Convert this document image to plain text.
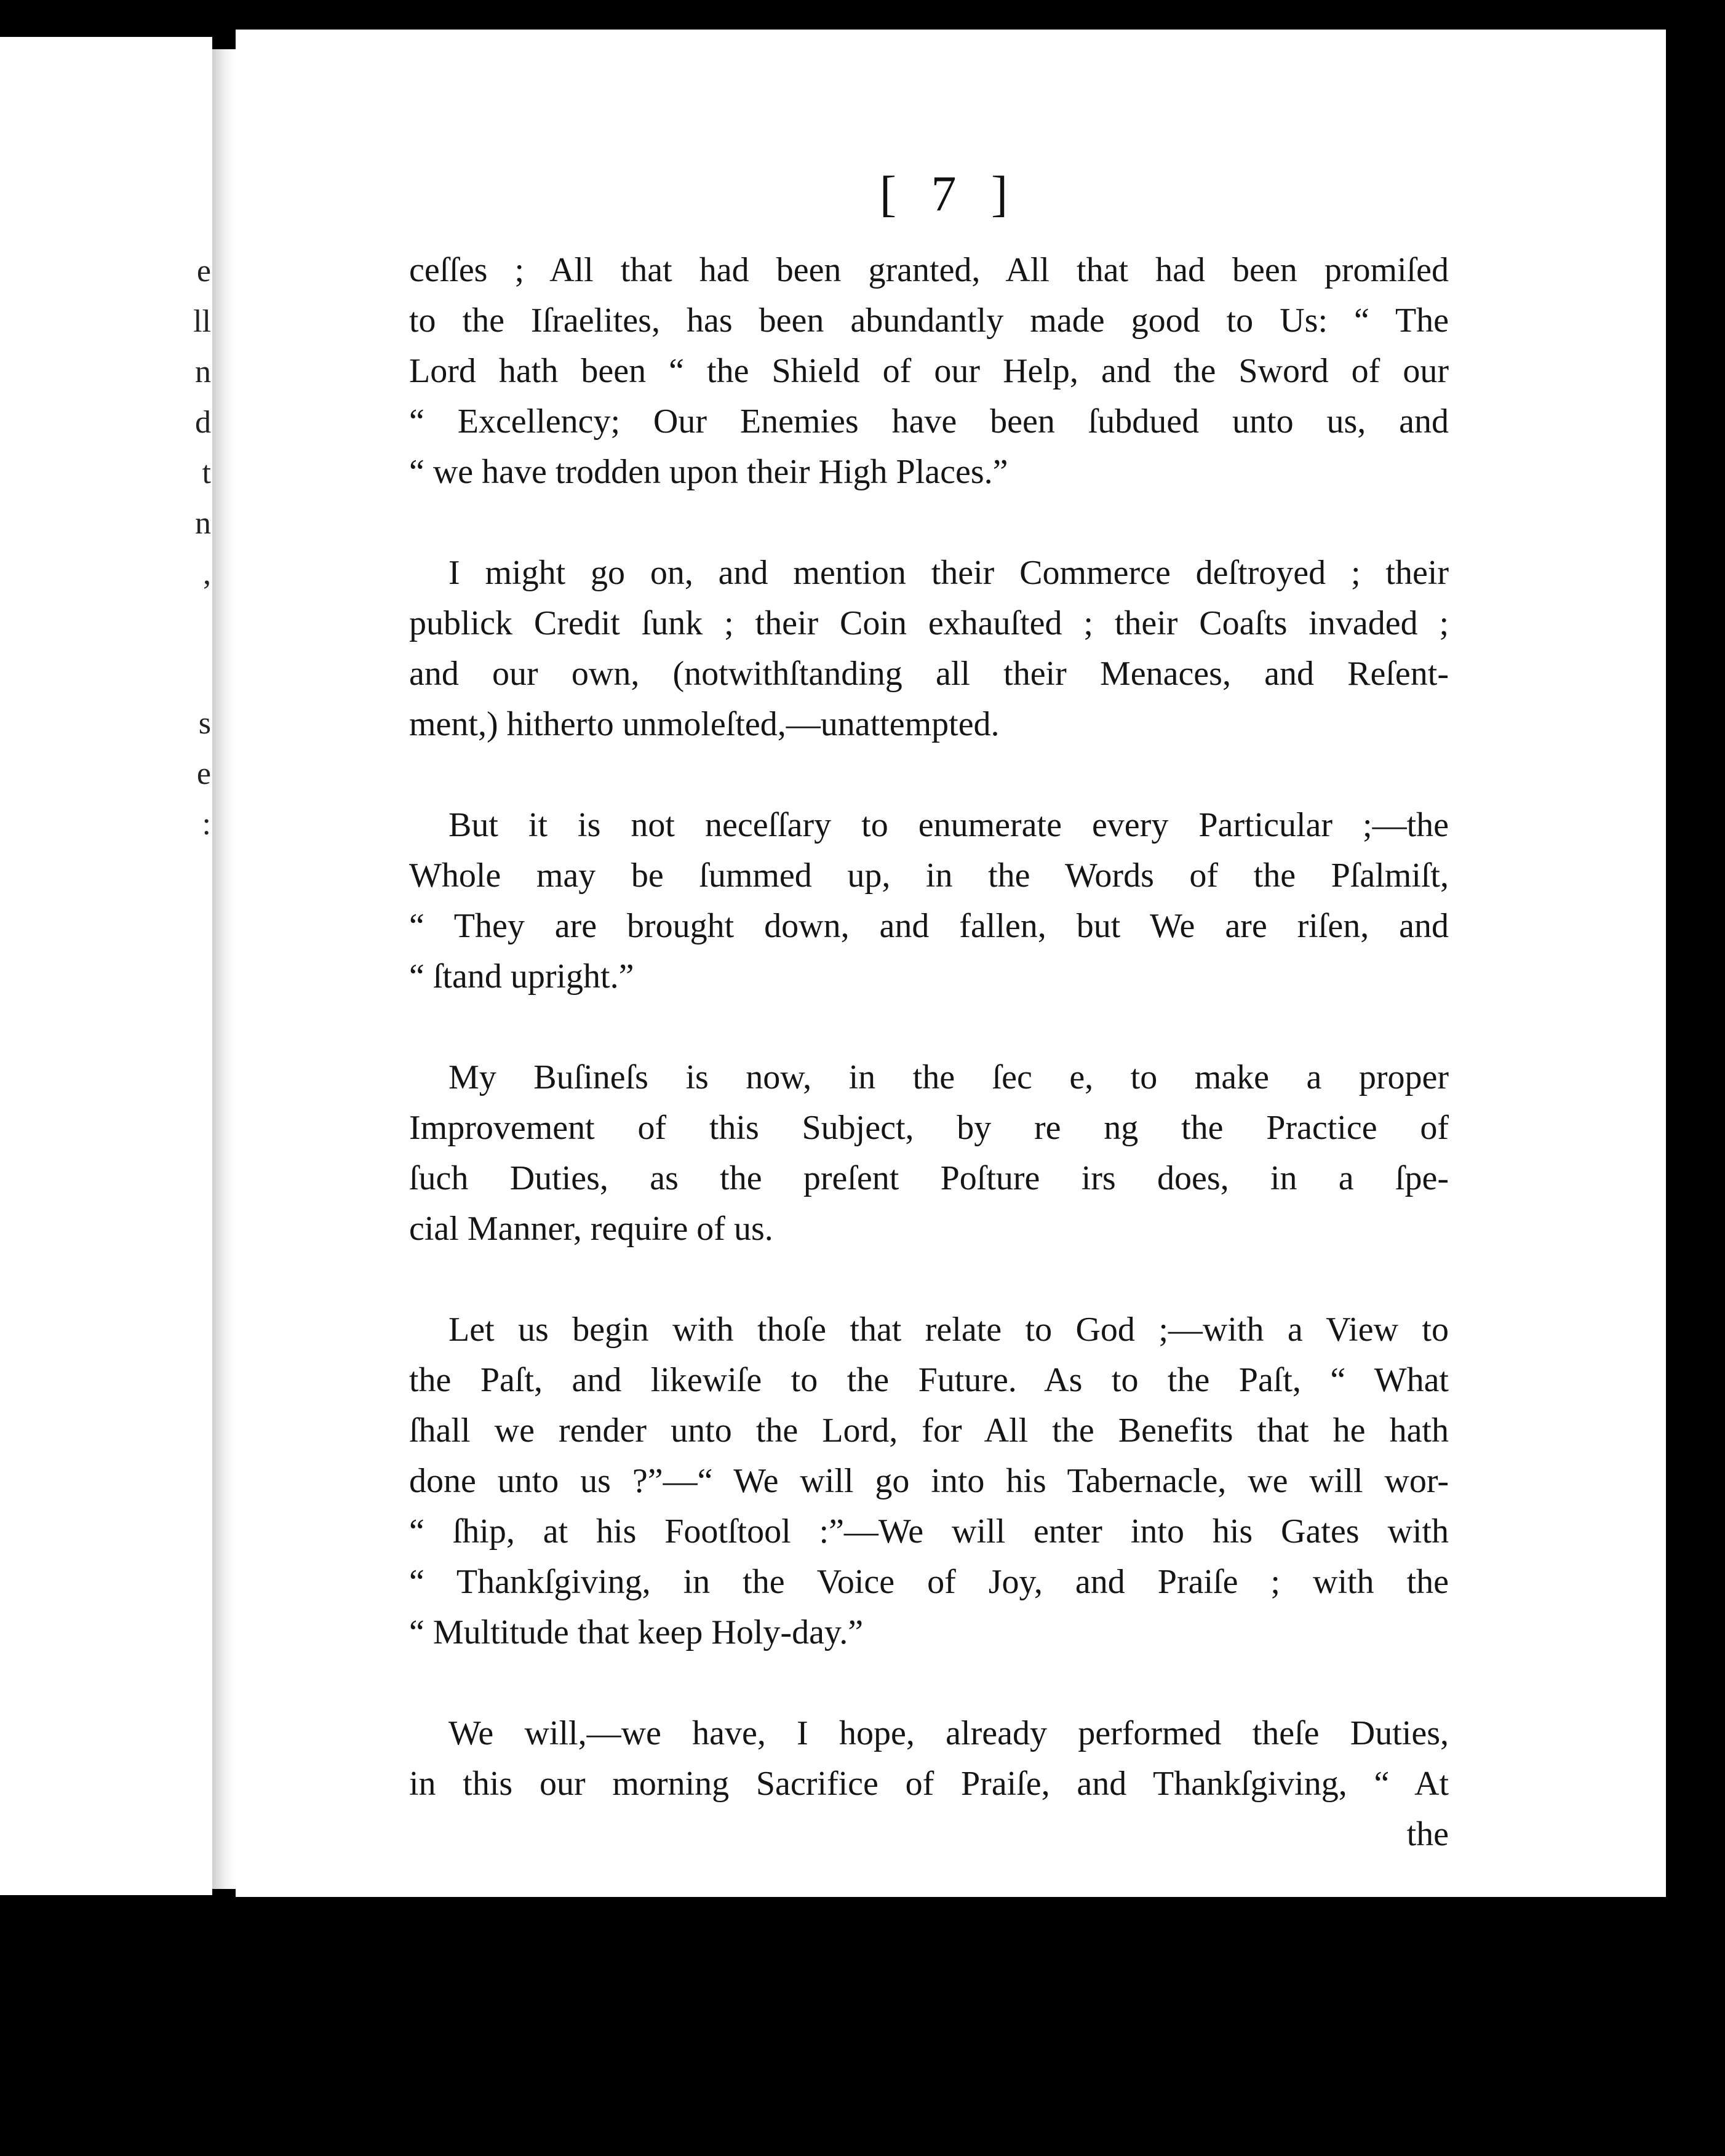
e
ll
n
d
t
n
,
s
e
:
[ 7 ]
ceſſes ; All that had been granted, All that had been promiſed
to the Iſraelites, has been abundantly made good to Us: “ The
Lord hath been “ the Shield of our Help, and the Sword of our
“ Excellency; Our Enemies have been ſubdued unto us, and
“ we have trodden upon their High Places.”
I might go on, and mention their Commerce deſtroyed ; their
publick Credit ſunk ; their Coin exhauſted ; their Coaſts invaded ;
and our own, (notwithſtanding all their Menaces, and Reſent-
ment,) hitherto unmoleſted,—unattempted.
But it is not neceſſary to enumerate every Particular ;—the
Whole may be ſummed up, in the Words of the Pſalmiſt,
“ They are brought down, and fallen, but We are riſen, and
“ ſtand upright.”
My Buſineſs is now, in the ſec e, to make a proper
Improvement of this Subject, by re ng the Practice of
ſuch Duties, as the preſent Poſture irs does, in a ſpe-
cial Manner, require of us.
Let us begin with thoſe that relate to God ;—with a View to
the Paſt, and likewiſe to the Future. As to the Paſt, “ What
ſhall we render unto the Lord, for All the Benefits that he hath
done unto us ?”—“ We will go into his Tabernacle, we will wor-
“ ſhip, at his Footſtool :”—We will enter into his Gates with
“ Thankſgiving, in the Voice of Joy, and Praiſe ; with the
“ Multitude that keep Holy-day.”
We will,—we have, I hope, already performed theſe Duties,
in this our morning Sacrifice of Praiſe, and Thankſgiving, “ At
the
